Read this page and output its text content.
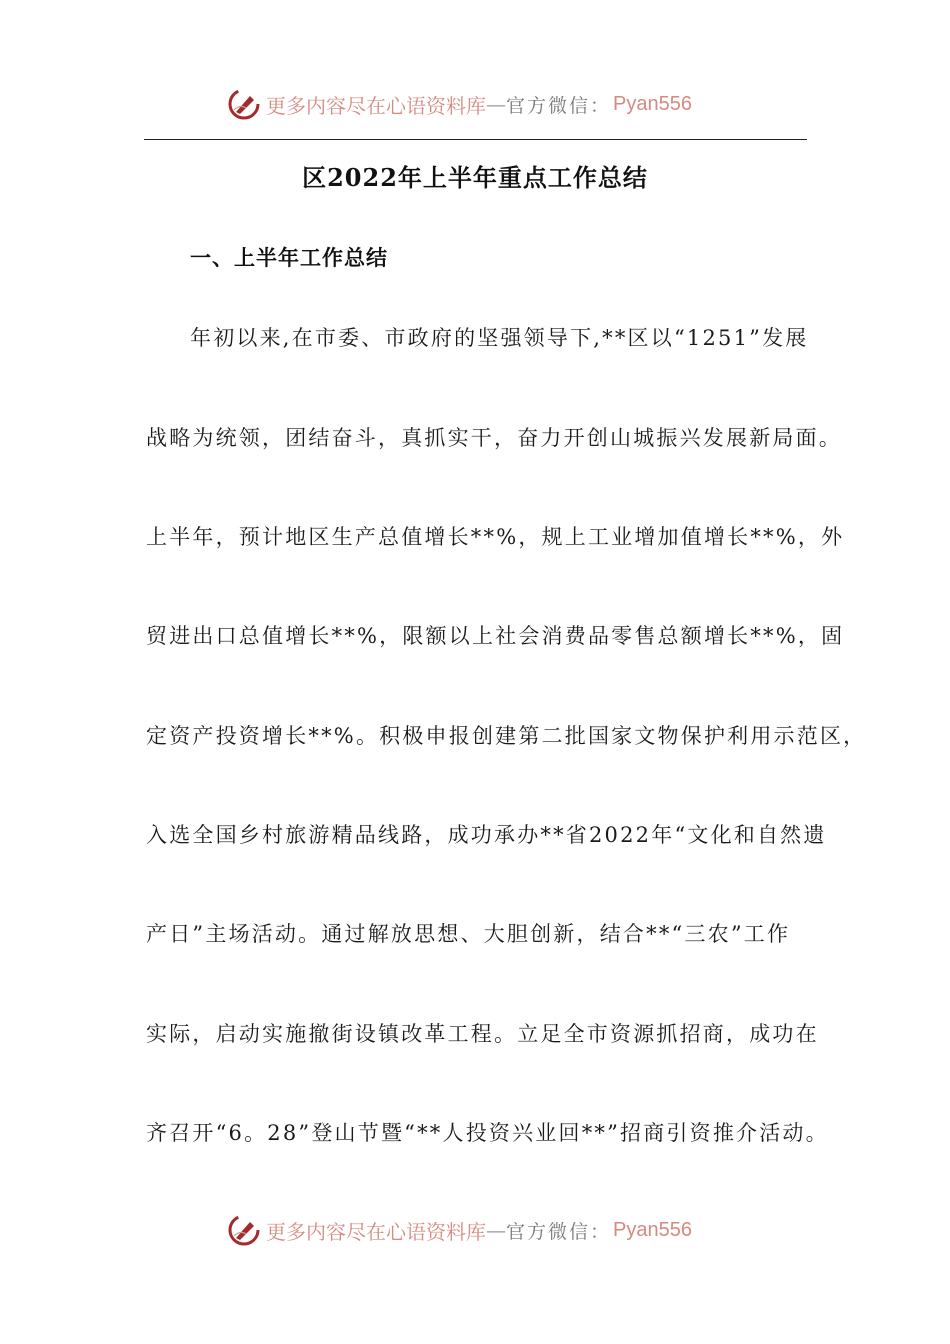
更多内容尽在心语资料库 — 官方微信： Pyan556
区2022年上半年重点工作总结
一、上半年工作总结
年初以来,在市委、市政府的坚强领导下,**区以“1251”发展
战略为统领，团结奋斗，真抓实干，奋力开创山城振兴发展新局面。
上半年，预计地区生产总值增长**%，规上工业增加值增长**%，外
贸进出口总值增长**%，限额以上社会消费品零售总额增长**%，固
定资产投资增长**%。积极申报创建第二批国家文物保护利用示范区，
入选全国乡村旅游精品线路，成功承办**省2022年“文化和自然遗
产日”主场活动。通过解放思想、大胆创新，结合**“三农”工作
实际，启动实施撤街设镇改革工程。立足全市资源抓招商，成功在
齐召开“6。28”登山节暨“**人投资兴业回**”招商引资推介活动。
更多内容尽在心语资料库 — 官方微信： Pyan556
